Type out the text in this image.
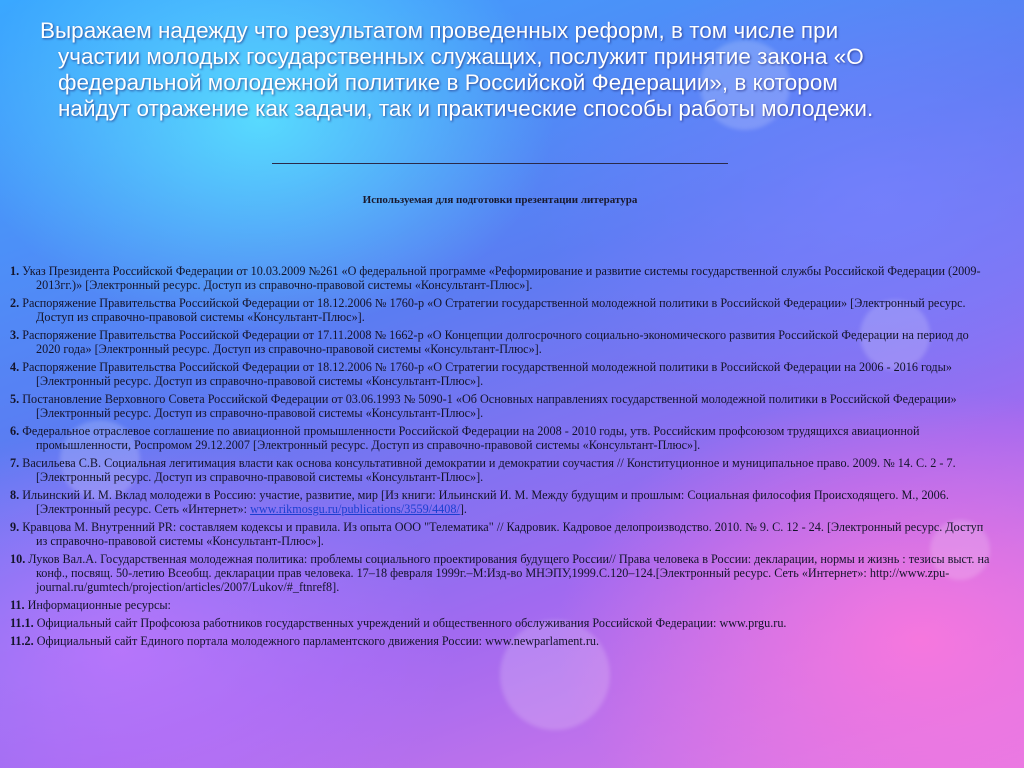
Выражаем надежду что результатом проведенных реформ, в том числе при
участии молодых государственных служащих, послужит принятие закона «О
федеральной молодежной политике в Российской Федерации», в котором
найдут отражение как задачи, так и практические способы работы молодежи.
Используемая для подготовки презентации литература

1. Указ Президента Российской Федерации от 10.03.2009 №261 «О федеральной программе «Реформирование и развитие системы государственной службы Российской Федерации (2009-2013гг.)» [Электронный ресурс. Доступ из справочно-правовой системы «Консультант-Плюс»].

2. Распоряжение Правительства Российской Федерации от 18.12.2006 № 1760-р «О Стратегии государственной молодежной политики в Российской Федерации» [Электронный ресурс. Доступ из справочно-правовой системы «Консультант-Плюс»].

3. Распоряжение Правительства Российской Федерации от 17.11.2008 № 1662-р «О Концепции долгосрочного социально-экономического развития Российской Федерации на период до 2020 года» [Электронный ресурс. Доступ из справочно-правовой системы «Консультант-Плюс»].

4. Распоряжение Правительства Российской Федерации от 18.12.2006 № 1760-р «О Стратегии государственной молодежной политики в Российской Федерации на 2006 - 2016 годы» [Электронный ресурс. Доступ из справочно-правовой системы «Консультант-Плюс»].

5. Постановление Верховного Совета Российской Федерации от 03.06.1993 № 5090-1 «Об Основных направлениях государственной молодежной политики в Российской Федерации» [Электронный ресурс. Доступ из справочно-правовой системы «Консультант-Плюс»].

6. Федеральное отраслевое соглашение по авиационной промышленности Российской Федерации на 2008 - 2010 годы, утв. Российским профсоюзом трудящихся авиационной промышленности, Роспромом 29.12.2007 [Электронный ресурс. Доступ из справочно-правовой системы «Консультант-Плюс»].

7. Васильева С.В. Социальная легитимация власти как основа консультативной демократии и демократии соучастия // Конституционное и муниципальное право. 2009. № 14. С. 2 - 7. [Электронный ресурс. Доступ из справочно-правовой системы «Консультант-Плюс»].

8. Ильинский И. М. Вклад молодежи в Россию: участие, развитие, мир [Из книги: Ильинский И. М. Между будущим и прошлым: Социальная философия Происходящего. М., 2006. [Электронный ресурс. Сеть «Интернет»: www.rikmosgu.ru/publications/3559/4408/].

9. Кравцова М. Внутренний PR: составляем кодексы и правила. Из опыта ООО "Телематика" // Кадровик. Кадровое делопроизводство. 2010. № 9. С. 12 - 24. [Электронный ресурс. Доступ из справочно-правовой системы «Консультант-Плюс»].

10. Луков Вал.А. Государственная молодежная политика: проблемы социального проектирования будущего России// Права человека в России: декларации, нормы и жизнь : тезисы выст. на конф., посвящ. 50-летию Всеобщ. декларации прав человека. 17–18 февраля 1999г.–М:Изд-во МНЭПУ,1999.С.120–124.[Электронный ресурс. Сеть «Интернет»: http://www.zpu-journal.ru/gumtech/projection/articles/2007/Lukov/#_ftnref8].

11. Информационные ресурсы:

11.1. Официальный сайт Профсоюза работников государственных учреждений и общественного обслуживания Российской Федерации: www.prgu.ru.

11.2. Официальный сайт Единого портала молодежного парламентского движения России: www.newparlament.ru.
